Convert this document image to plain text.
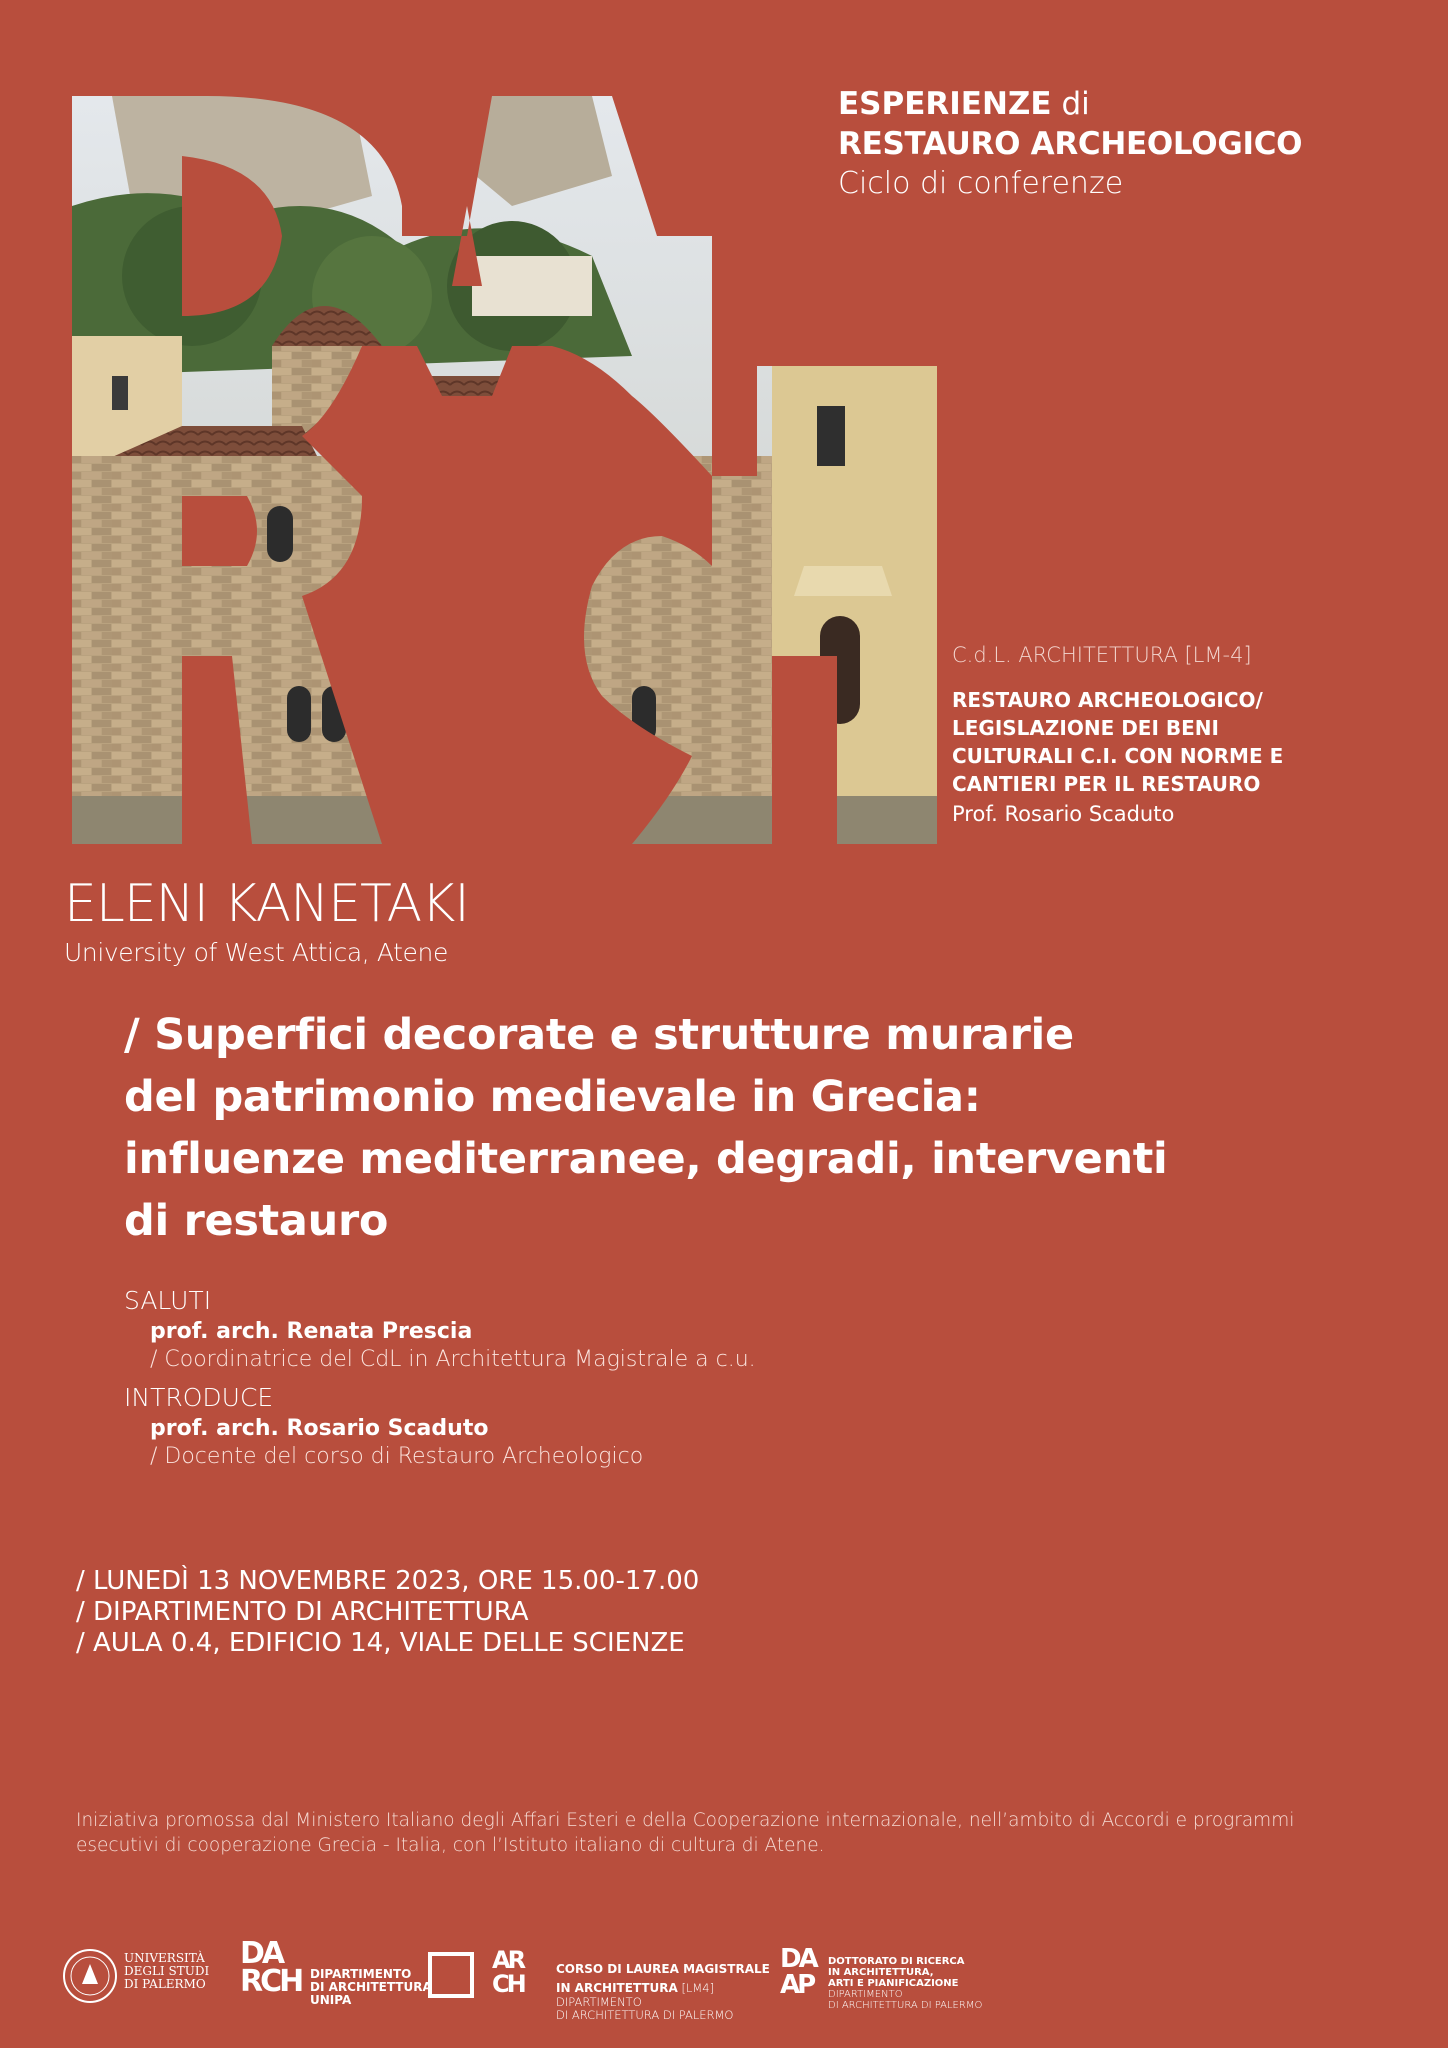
ESPERIENZE di
RESTAURO ARCHEOLOGICO
Ciclo di conferenze
C.d.L. ARCHITETTURA [LM-4]
RESTAURO ARCHEOLOGICO/
LEGISLAZIONE DEI BENI
CULTURALI C.I. CON NORME E
CANTIERI PER IL RESTAURO
Prof. Rosario Scaduto
ELENI KANETAKI
University of West Attica, Atene
/ Superfici decorate e strutture murarie
del patrimonio medievale in Grecia:
influenze mediterranee, degradi, interventi
di restauro
SALUTI
prof. arch. Renata Prescia
/ Coordinatrice del CdL in Architettura Magistrale a c.u.
INTRODUCE
prof. arch. Rosario Scaduto
/ Docente del corso di Restauro Archeologico
/ LUNEDÌ 13 NOVEMBRE 2023, ORE 15.00-17.00
/ DIPARTIMENTO DI ARCHITETTURA
/ AULA 0.4, EDIFICIO 14, VIALE DELLE SCIENZE
Iniziativa promossa dal Ministero Italiano degli Affari Esteri e della Cooperazione internazionale, nell’ambito di Accordi e programmi
esecutivi di cooperazione Grecia - Italia, con l’Istituto italiano di cultura di Atene.
UNIVERSITÀ
DEGLI STUDI
DI PALERMO
DARCH DIPARTIMENTO
DI ARCHITETTURA
UNIPA
ARCH
CORSO DI LAUREA MAGISTRALE
IN ARCHITETTURA [LM4]
DIPARTIMENTO
DI ARCHITETTURA DI PALERMO
DAAP
DOTTORATO DI RICERCA
IN ARCHITETTURA,
ARTI E PIANIFICAZIONE
DIPARTIMENTO
DI ARCHITETTURA DI PALERMO
